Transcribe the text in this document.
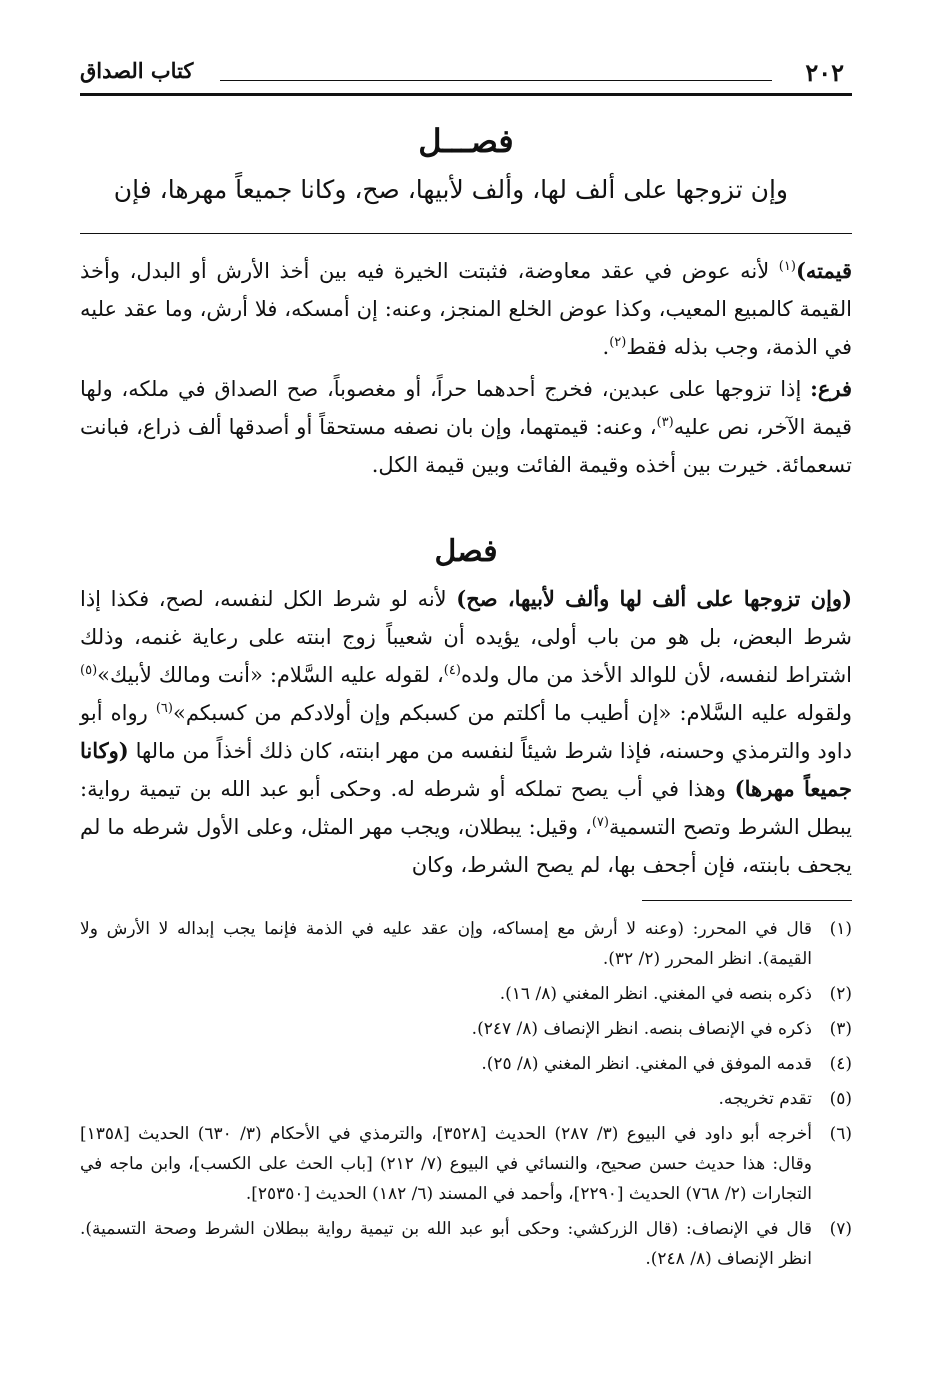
٢٠٢
كتاب الصداق
فصـــل
وإن تزوجها على ألف لها، وألف لأبيها، صح، وكانا جميعاً مهرها، فإن

قيمته)$^{(١)}$ لأنه عوض في عقد معاوضة، فثبتت الخيرة فيه بين أخذ الأرش أو البدل، وأخذ القيمة كالمبيع المعيب، وكذا عوض الخلع المنجز، وعنه: إن أمسكه، فلا أرش، وما عقد عليه في الذمة، وجب بذله فقط$^{(٢)}$.

فرع: إذا تزوجها على عبدين، فخرج أحدهما حراً، أو مغصوباً، صح الصداق في ملكه، ولها قيمة الآخر، نص عليه$^{(٣)}$، وعنه: قيمتهما، وإن بان نصفه مستحقاً أو أصدقها ألف ذراع، فبانت تسعمائة. خيرت بين أخذه وقيمة الفائت وبين قيمة الكل.

فصل

(وإن تزوجها على ألف لها وألف لأبيها، صح) لأنه لو شرط الكل لنفسه، لصح، فكذا إذا شرط البعض، بل هو من باب أولى، يؤيده أن شعيباً زوج ابنته على رعاية غنمه، وذلك اشتراط لنفسه، لأن للوالد الأخذ من مال ولده$^{(٤)}$، لقوله عليه السَّلام: «أنت ومالك لأبيك»$^{(٥)}$ ولقوله عليه السَّلام: «إن أطيب ما أكلتم من كسبكم وإن أولادكم من كسبكم»$^{(٦)}$ رواه أبو داود والترمذي وحسنه، فإذا شرط شيئاً لنفسه من مهر ابنته، كان ذلك أخذاً من مالها (وكانا جميعاً مهرها) وهذا في أب يصح تملكه أو شرطه له. وحكى أبو عبد الله بن تيمية رواية: يبطل الشرط وتصح التسمية$^{(٧)}$، وقيل: يبطلان، ويجب مهر المثل، وعلى الأول شرطه ما لم يجحف بابنته، فإن أجحف بها، لم يصح الشرط، وكان

(١)
قال في المحرر: (وعنه لا أرش مع إمساكه، وإن عقد عليه في الذمة فإنما يجب إبداله لا الأرش ولا القيمة). انظر المحرر (٢/ ٣٢).
(٢)
ذكره بنصه في المغني. انظر المغني (٨/ ١٦).
(٣)
ذكره في الإنصاف بنصه. انظر الإنصاف (٨/ ٢٤٧).
(٤)
قدمه الموفق في المغني. انظر المغني (٨/ ٢٥).
(٥)
تقدم تخريجه.
(٦)
أخرجه أبو داود في البيوع (٣/ ٢٨٧) الحديث [٣٥٢٨]، والترمذي في الأحكام (٣/ ٦٣٠) الحديث [١٣٥٨] وقال: هذا حديث حسن صحيح، والنسائي في البيوع (٧/ ٢١٢) [باب الحث على الكسب]، وابن ماجه في التجارات (٢/ ٧٦٨) الحديث [٢٢٩٠]، وأحمد في المسند (٦/ ١٨٢) الحديث [٢٥٣٥٠].
(٧)
قال في الإنصاف: (قال الزركشي: وحكى أبو عبد الله بن تيمية رواية ببطلان الشرط وصحة التسمية). انظر الإنصاف (٨/ ٢٤٨).
